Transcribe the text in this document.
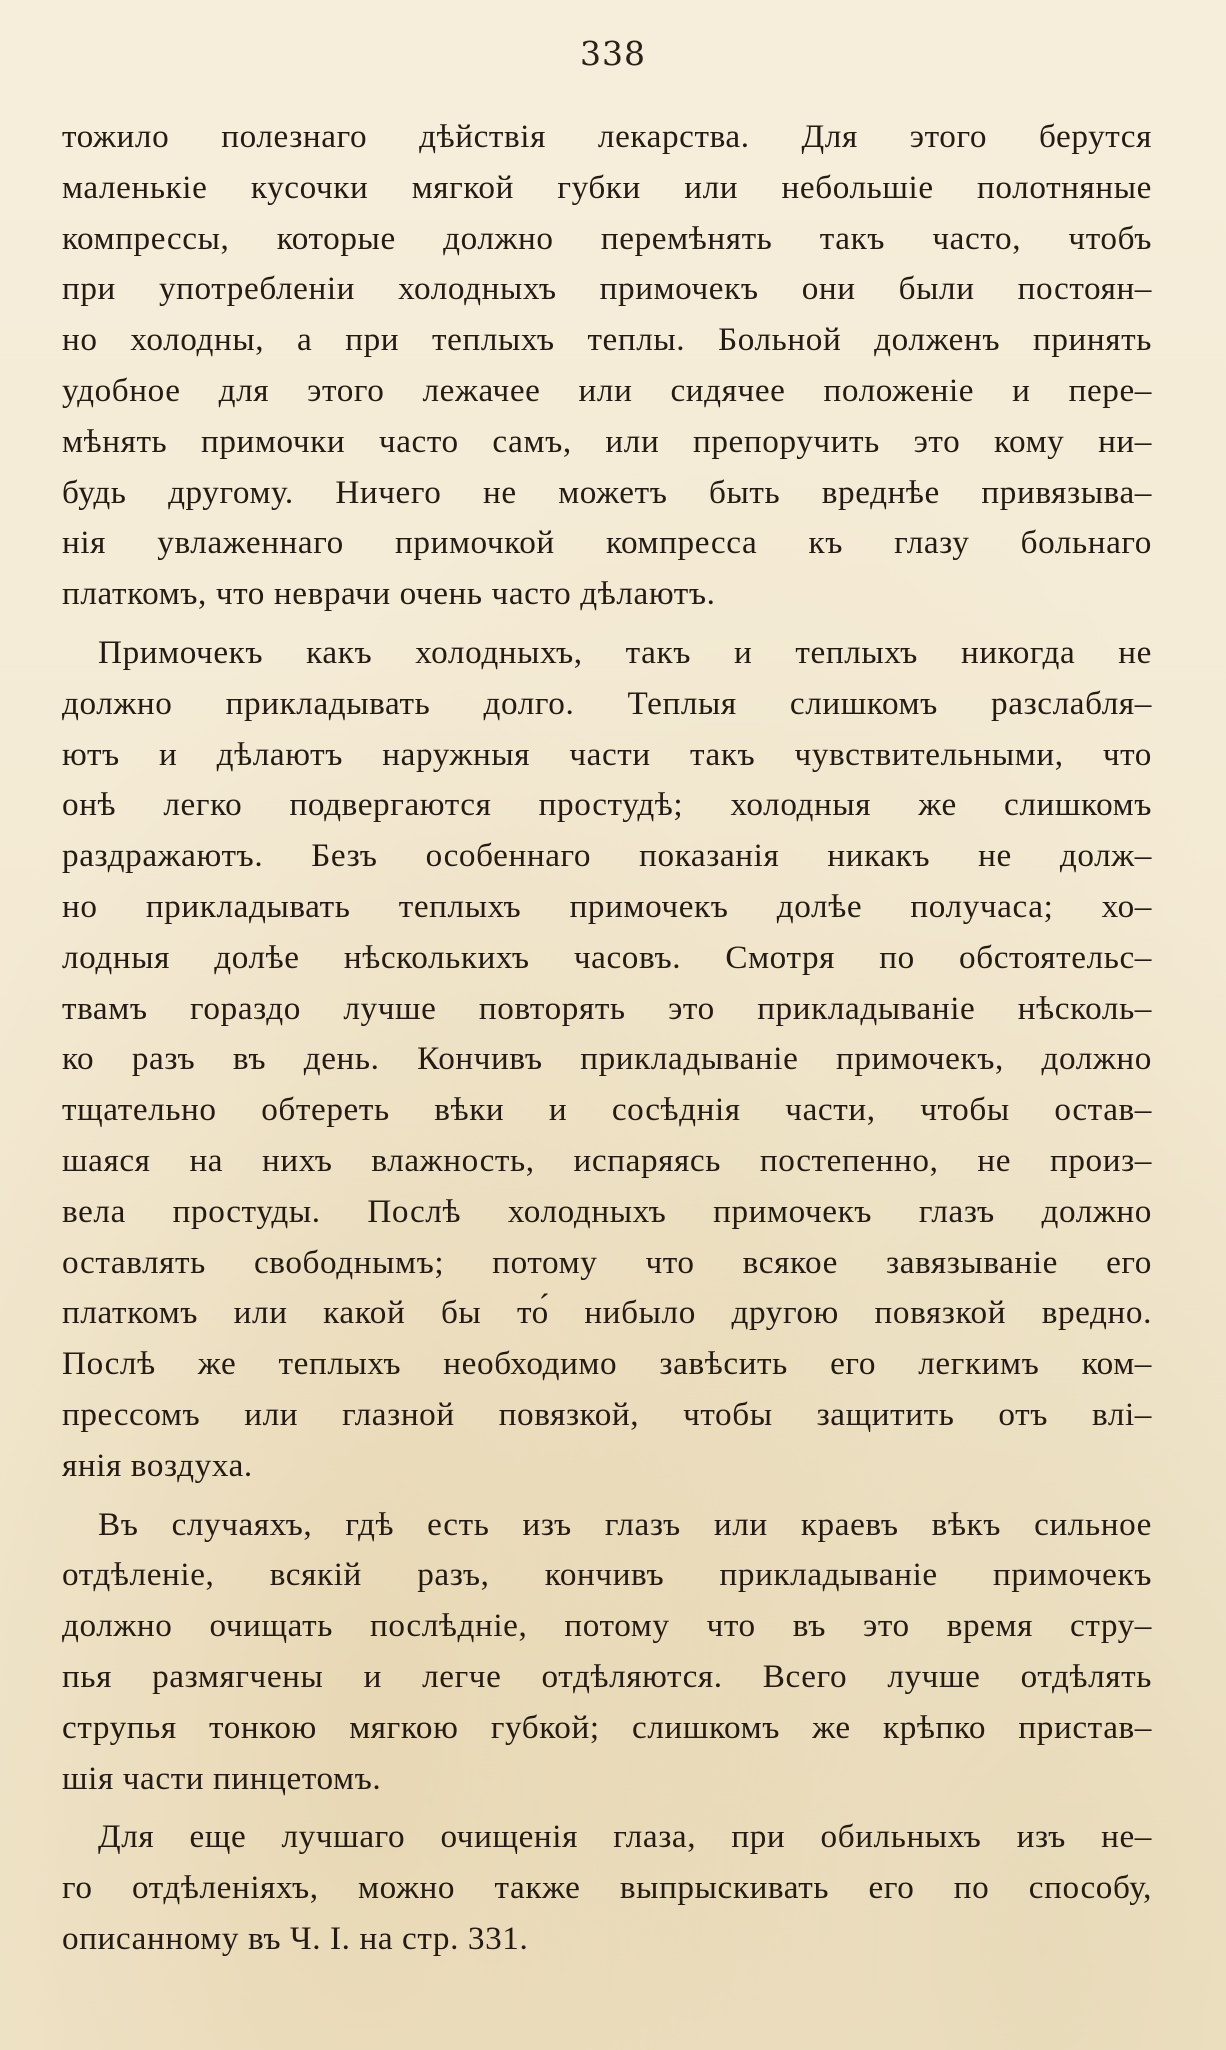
338

тожило полезнаго дѣйствія лекарства. Для этого берутся
маленькіе кусочки мягкой губки или небольшіе полотняные
компрессы, которые должно перемѣнять такъ часто, чтобъ
при употребленіи холодныхъ примочекъ они были постоян–
но холодны, а при теплыхъ теплы. Больной долженъ принять
удобное для этого лежачее или сидячее положеніе и пере–
мѣнять примочки часто самъ, или препоручить это кому ни–
будь другому. Ничего не можетъ быть вреднѣе привязыва–
нія увлаженнаго примочкой компресса къ глазу больнаго
платкомъ, что неврачи очень часто дѣлаютъ.

Примочекъ какъ холодныхъ, такъ и теплыхъ никогда не
должно прикладывать долго. Теплыя слишкомъ разслабля–
ютъ и дѣлаютъ наружныя части такъ чувствительными, что
онѣ легко подвергаются простудѣ; холодныя же слишкомъ
раздражаютъ. Безъ особеннаго показанія никакъ не долж–
но прикладывать теплыхъ примочекъ долѣе получаса; хо–
лодныя долѣе нѣсколькихъ часовъ. Смотря по обстоятельс–
твамъ гораздо лучше повторять это прикладываніе нѣсколь–
ко разъ въ день. Кончивъ прикладываніе примочекъ, должно
тщательно обтереть вѣки и сосѣднія части, чтобы остав–
шаяся на нихъ влажность, испаряясь постепенно, не произ–
вела простуды. Послѣ холодныхъ примочекъ глазъ должно
оставлять свободнымъ; потому что всякое завязываніе его
платкомъ или какой бы то́ нибыло другою повязкой вредно.
Послѣ же теплыхъ необходимо завѣсить его легкимъ ком–
прессомъ или глазной повязкой, чтобы защитить отъ влі–
янія воздуха.

Въ случаяхъ, гдѣ есть изъ глазъ или краевъ вѣкъ сильное
отдѣленіе, всякій разъ, кончивъ прикладываніе примочекъ
должно очищать послѣдніе, потому что въ это время стру–
пья размягчены и легче отдѣляются. Всего лучше отдѣлять
струпья тонкою мягкою губкой; слишкомъ же крѣпко пристав–
шія части пинцетомъ.

Для еще лучшаго очищенія глаза, при обильныхъ изъ не–
го отдѣленіяхъ, можно также выпрыскивать его по способу,
описанному въ Ч. I. на стр. 331.
